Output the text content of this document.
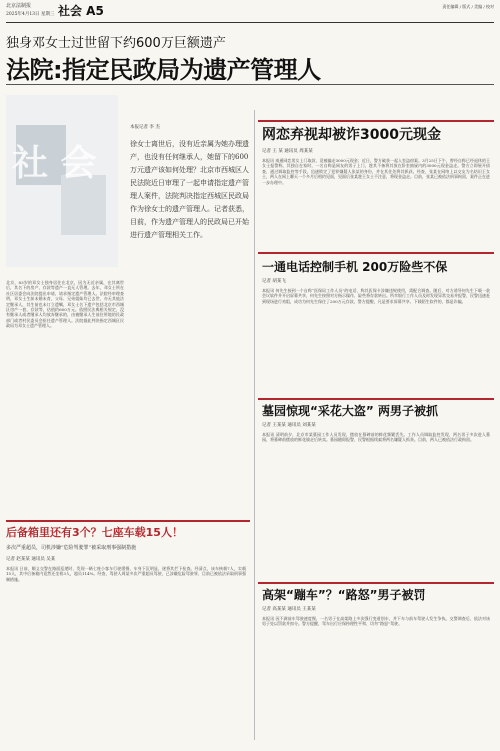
北京法制报
2025年4月13日 星期三 社会 A5	责任编辑 / 版式 / 美编 / 校对
独身邓女士过世留下约600万巨额遗产
法院:指定民政局为遗产管理人
社 会
本报记者 李 杰
徐女士离世后，没有近亲属为她办理遗产，也没有任何继承人，她留下的600万元遗产该如何处理？北京市西城区人民法院近日审理了一起申请指定遗产管理人案件，法院判决指定西城区民政局作为徐女士的遗产管理人。记者获悉，目前，作为遗产管理人的民政局已开始进行遗产管理相关工作。
北京，83岁的邓女士独身居住在北京，因为无近亲属，在其离世后，其名下的房产、存款等遗产一直无人管理。去年，邓女士所在社区居委会向法院提出申请，请求指定遗产管理人。法院经审理查明，邓女士生前未婚未育，父母、兄弟姐妹均已去世，亦无其他法定继承人，其生前也未订立遗嘱，邓女士名下遗产包括北京市西城区房产一套，存款等，估值约600万元。依照民法典相关规定，没有继承人或者继承人均放弃继承的，由被继承人生前住所地的民政部门或者村民委员会担任遗产管理人。法院据此判决指定西城区民政局为邓女士遗产管理人。
网恋弃视却被诈3000元现金
记者 王 某 通讯员 周某某
本报讯 南通网恋男女上门取款，竟被骗走3000元现金；近日，警方破获一起入室盗窃案。3月25日下午，曾经自称已经退休的王女士报警称，其独自在家时，一名自称是网友的男子上门，趁其不备将其放在卧室抽屉内的3000元现金盗走。警方立即展开侦查，通过调取监控等手段，迅速锁定了犯罪嫌疑人张某的身份，并在其住处将其抓获。经查，张某在网络上以交友为名结识王女士，两人在网上聊天一个多月后相约见面，见面后张某趁王女士不注意，将现金盗走。目前，张某已被依法刑事拘留，案件正在进一步办理中。
一通电话控制手机 200万险些不保
记者 胡某飞
本报讯 何先生接到一个自称“医保局工作人员”的电话，称其医保卡涉嫌违规使用，需配合调查。随后，对方诱导何先生下载一款会议软件并开启屏幕共享，何先生按照对方指示操作，险些将存款转出。所幸银行工作人员及时发现异常交易并报警，民警迅速赶到现场进行劝阻，成功为何先生保住了200万元存款。警方提醒，凡是要求屏幕共享、下载陌生软件的，都是诈骗。
墓园惊现“采花大盗” 两男子被抓
记者 王某某 通讯员 刘某某
本报讯 清明前夕，北京市某墓园工作人员发现，摆放在墓碑前的鲜花频繁丢失。工作人员调取监控发现，两名男子多次进入墓园，将墓碑前摆放的鲜花偷走后转卖。墓园随即报警，民警根据线索将两名嫌疑人抓获。目前，两人已被依法行政拘留。
后备箱里还有3个？七座车载15人！
多次严重超员，司机涉嫌“危险驾驶罪”被采取刑事强制措施
记者 赵某某 通讯员 吴某
本报讯 日前，顺义交警在路面巡逻时，发现一辆七座小客车行驶缓慢、车身下沉明显，遂将其拦下检查。经清点，该车核载7人，实载15人，其中后备箱内竟然还坐着3人，超员114%。经查，驾驶人周某多次严重超员驾驶，已涉嫌危险驾驶罪，目前已被依法采取刑事强制措施。
高架“蹦车”？“路怒”男子被罚
记者 高某某 通讯员 王某某
本报讯 因不满前车驾驶速度慢，一名男子在高架路上多次强行变道别车，并下车与前车驾驶人发生争执。交警调查后，依法对该男子处以罚款并扣分。警方提醒，驾车出行应保持理性平和，切勿“路怒”驾驶。
